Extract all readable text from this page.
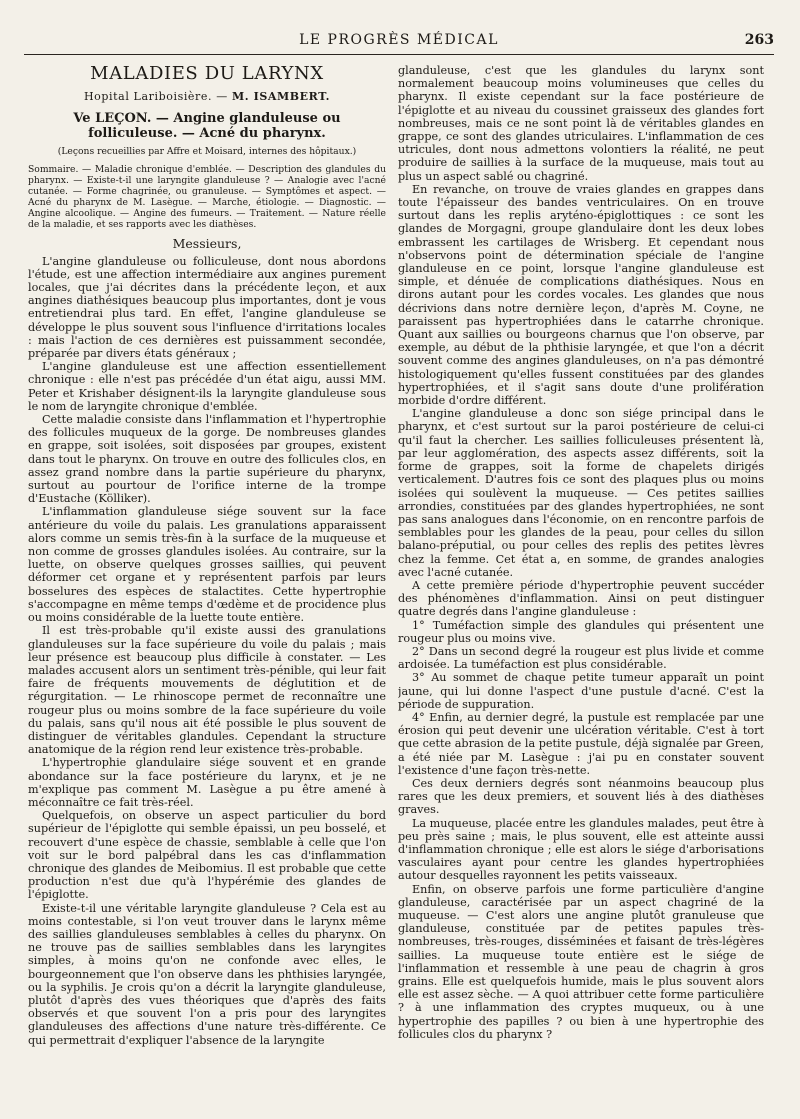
LE PROGRÈS MÉDICAL	263
MALADIES DU LARYNX
Hopital Lariboisière. — M. ISAMBERT.
Ve LEÇON. — Angine glanduleuse ou folliculeuse. — Acné du pharynx.
(Leçons recueillies par Affre et Moisard, internes des hôpitaux.)
Sommaire. — Maladie chronique d'emblée. — Description des glandules du pharynx. — Existe-t-il une laryngite glanduleuse ? — Analogie avec l'acné cutanée. — Forme chagrinée, ou granuleuse. — Symptômes et aspect. — Acné du pharynx de M. Lasègue. — Marche, étiologie. — Diagnostic. — Angine alcoolique. — Angine des fumeurs. — Traitement. — Nature réelle de la maladie, et ses rapports avec les diathèses.
Messieurs,

L'angine glanduleuse ou folliculeuse, dont nous abordons l'étude, est une affection intermédiaire aux angines purement locales, que j'ai décrites dans la précédente leçon, et aux angines diathésiques beaucoup plus importantes, dont je vous entretiendrai plus tard. En effet, l'angine glanduleuse se développe le plus souvent sous l'influence d'irritations locales : mais l'action de ces dernières est puissamment secondée, préparée par divers états généraux ;

L'angine glanduleuse est une affection essentiellement chronique : elle n'est pas précédée d'un état aigu, aussi MM. Peter et Krishaber désignent-ils la laryngite glanduleuse sous le nom de laryngite chronique d'emblée.

Cette maladie consiste dans l'inflammation et l'hypertrophie des follicules muqueux de la gorge. De nombreuses glandes en grappe, soit isolées, soit disposées par groupes, existent dans tout le pharynx. On trouve en outre des follicules clos, en assez grand nombre dans la partie supérieure du pharynx, surtout au pourtour de l'orifice interne de la trompe d'Eustache (Kölliker).

L'inflammation glanduleuse siége souvent sur la face antérieure du voile du palais. Les granulations apparaissent alors comme un semis très-fin à la surface de la muqueuse et non comme de grosses glandules isolées. Au contraire, sur la luette, on observe quelques grosses saillies, qui peuvent déformer cet organe et y représentent parfois par leurs bosselures des espèces de stalactites. Cette hypertrophie s'accompagne en même temps d'œdème et de procidence plus ou moins considérable de la luette toute entière.

Il est très-probable qu'il existe aussi des granulations glanduleuses sur la face supérieure du voile du palais ; mais leur présence est beaucoup plus difficile à constater. — Les malades accusent alors un sentiment très-pénible, qui leur fait faire de fréquents mouvements de déglutition et de régurgitation. — Le rhinoscope permet de reconnaître une rougeur plus ou moins sombre de la face supérieure du voile du palais, sans qu'il nous ait été possible le plus souvent de distinguer de véritables glandules. Cependant la structure anatomique de la région rend leur existence très-probable.

L'hypertrophie glandulaire siége souvent et en grande abondance sur la face postérieure du larynx, et je ne m'explique pas comment M. Lasègue a pu être amené à méconnaître ce fait très-réel.

Quelquefois, on observe un aspect particulier du bord supérieur de l'épiglotte qui semble épaissi, un peu bosselé, et recouvert d'une espèce de chassie, semblable à celle que l'on voit sur le bord palpébral dans les cas d'inflammation chronique des glandes de Meibomius. Il est probable que cette production n'est due qu'à l'hypérémie des glandes de l'épiglotte.

Existe-t-il une véritable laryngite glanduleuse ? Cela est au moins contestable, si l'on veut trouver dans le larynx même des saillies glanduleuses semblables à celles du pharynx. On ne trouve pas de saillies semblables dans les laryngites simples, à moins qu'on ne confonde avec elles, le bourgeonnement que l'on observe dans les phthisies laryngée, ou la syphilis. Je crois qu'on a décrit la laryngite glanduleuse, plutôt d'après des vues théoriques que d'après des faits observés et que souvent l'on a pris pour des laryngites glanduleuses des affections d'une nature très-différente. Ce qui permettrait d'expliquer l'absence de la laryngite

glanduleuse, c'est que les glandules du larynx sont normalement beaucoup moins volumineuses que celles du pharynx. Il existe cependant sur la face postérieure de l'épiglotte et au niveau du coussinet graisseux des glandes fort nombreuses, mais ce ne sont point là de véritables glandes en grappe, ce sont des glandes utriculaires. L'inflammation de ces utricules, dont nous admettons volontiers la réalité, ne peut produire de saillies à la surface de la muqueuse, mais tout au plus un aspect sablé ou chagriné.

En revanche, on trouve de vraies glandes en grappes dans toute l'épaisseur des bandes ventriculaires. On en trouve surtout dans les replis aryténo-épiglottiques : ce sont les glandes de Morgagni, groupe glandulaire dont les deux lobes embrassent les cartilages de Wrisberg. Et cependant nous n'observons point de détermination spéciale de l'angine glanduleuse en ce point, lorsque l'angine glanduleuse est simple, et dénuée de complications diathésiques. Nous en dirons autant pour les cordes vocales. Les glandes que nous décrivions dans notre dernière leçon, d'après M. Coyne, ne paraissent pas hypertrophiées dans le catarrhe chronique. Quant aux saillies ou bourgeons charnus que l'on observe, par exemple, au début de la phthisie laryngée, et que l'on a décrit souvent comme des angines glanduleuses, on n'a pas démontré histologiquement qu'elles fussent constituées par des glandes hypertrophiées, et il s'agit sans doute d'une prolifération morbide d'ordre différent.

L'angine glanduleuse a donc son siége principal dans le pharynx, et c'est surtout sur la paroi postérieure de celui-ci qu'il faut la chercher. Les saillies folliculeuses présentent là, par leur agglomération, des aspects assez différents, soit la forme de grappes, soit la forme de chapelets dirigés verticalement. D'autres fois ce sont des plaques plus ou moins isolées qui soulèvent la muqueuse. — Ces petites saillies arrondies, constituées par des glandes hypertrophiées, ne sont pas sans analogues dans l'économie, on en rencontre parfois de semblables pour les glandes de la peau, pour celles du sillon balano-préputial, ou pour celles des replis des petites lèvres chez la femme. Cet état a, en somme, de grandes analogies avec l'acné cutanée.

A cette première période d'hypertrophie peuvent succéder des phénomènes d'inflammation. Ainsi on peut distinguer quatre degrés dans l'angine glanduleuse :

1° Tuméfaction simple des glandules qui présentent une rougeur plus ou moins vive.

2° Dans un second degré la rougeur est plus livide et comme ardoisée. La tuméfaction est plus considérable.

3° Au sommet de chaque petite tumeur apparaît un point jaune, qui lui donne l'aspect d'une pustule d'acné. C'est la période de suppuration.

4° Enfin, au dernier degré, la pustule est remplacée par une érosion qui peut devenir une ulcération véritable. C'est à tort que cette abrasion de la petite pustule, déjà signalée par Green, a été niée par M. Lasègue : j'ai pu en constater souvent l'existence d'une façon très-nette.

Ces deux derniers degrés sont néanmoins beaucoup plus rares que les deux premiers, et souvent liés à des diathèses graves.

La muqueuse, placée entre les glandules malades, peut être à peu près saine ; mais, le plus souvent, elle est atteinte aussi d'inflammation chronique ; elle est alors le siége d'arborisations vasculaires ayant pour centre les glandes hypertrophiées autour desquelles rayonnent les petits vaisseaux.

Enfin, on observe parfois une forme particulière d'angine glanduleuse, caractérisée par un aspect chagriné de la muqueuse. — C'est alors une angine plutôt granuleuse que glanduleuse, constituée par de petites papules très-nombreuses, très-rouges, disséminées et faisant de très-légères saillies. La muqueuse toute entière est le siége de l'inflammation et ressemble à une peau de chagrin à gros grains. Elle est quelquefois humide, mais le plus souvent alors elle est assez sèche. — A quoi attribuer cette forme particulière ? à une inflammation des cryptes muqueux, ou à une hypertrophie des papilles ? ou bien à une hypertrophie des follicules clos du pharynx ?
